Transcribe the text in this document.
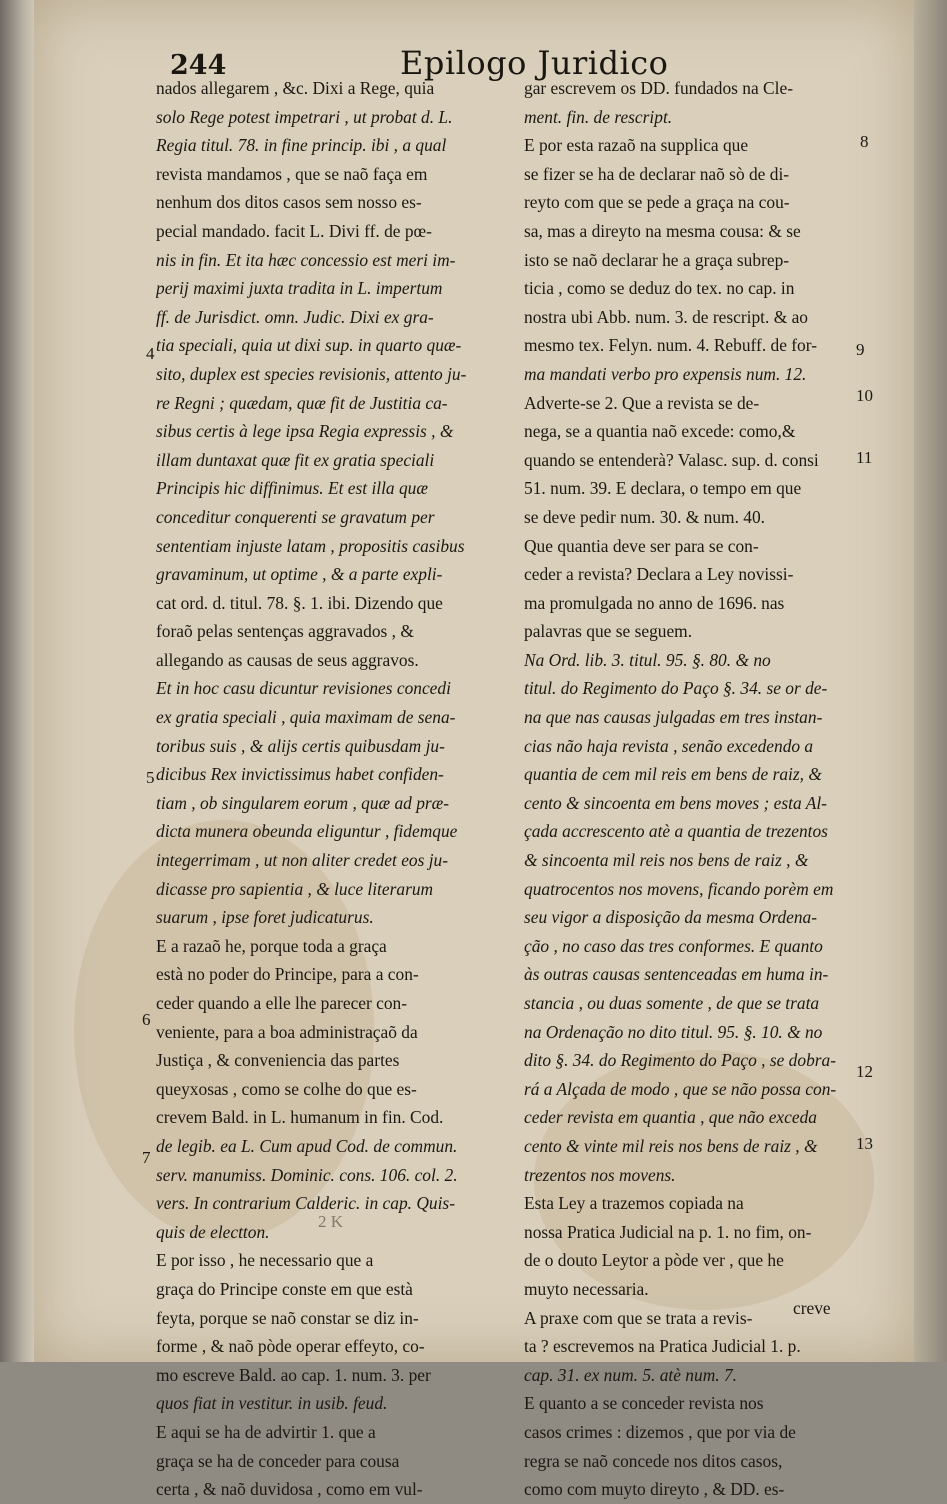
244	Epilogo Juridico
nados allegarem , &c. Dixi a Rege, quia
solo Rege potest impetrari , ut probat d. L.
Regia titul. 78. in fine princip. ibi , a qual
revista mandamos , que se naõ faça em
nenhum dos ditos casos sem nosso es-
pecial mandado. facit L. Divi ff. de pœ-
nis in fin. Et ita hæc concessio est meri im-
perij maximi juxta tradita in L. impertum
ff. de Jurisdict. omn. Judic. Dixi ex gra-
tia speciali, quia ut dixi sup. in quarto quæ-
sito, duplex est species revisionis, attento ju-
re Regni ; quædam, quæ fit de Justitia ca-
sibus certis à lege ipsa Regia expressis , &
illam duntaxat quæ fit ex gratia speciali
Principis hic diffinimus. Et est illa quæ
conceditur conquerenti se gravatum per
sententiam injuste latam , propositis casibus
gravaminum, ut optime , & a parte expli-
cat ord. d. titul. 78. §. 1. ibi. Dizendo que
foraõ pelas sentenças aggravados , &
allegando as causas de seus aggravos.
Et in hoc casu dicuntur revisiones concedi
ex gratia speciali , quia maximam de sena-
toribus suis , & alijs certis quibusdam ju-
dicibus Rex invictissimus habet confiden-
tiam , ob singularem eorum , quæ ad præ-
dicta munera obeunda eliguntur , fidemque
integerrimam , ut non aliter credet eos ju-
dicasse pro sapientia , & luce literarum
suarum , ipse foret judicaturus.
E a razaõ he, porque toda a graça
està no poder do Principe, para a con-
ceder quando a elle lhe parecer con-
veniente, para a boa administraçaõ da
Justiça , & conveniencia das partes
queyxosas , como se colhe do que es-
crevem Bald. in L. humanum in fin. Cod.
de legib. ea L. Cum apud Cod. de commun.
serv. manumiss. Dominic. cons. 106. col. 2.
vers. In contrarium Calderic. in cap. Quis-
quis de electton.
E por isso , he necessario que a
graça do Principe conste em que està
feyta, porque se naõ constar se diz in-
forme , & naõ pòde operar effeyto, co-
mo escreve Bald. ao cap. 1. num. 3. per
quos fiat in vestitur. in usib. feud.
E aqui se ha de advirtir 1. que a
graça se ha de conceder para cousa
certa , & naõ duvidosa , como em vul-
gar escrevem os DD. fundados na Cle-
ment. fin. de rescript.
E por esta razaõ na supplica que
se fizer se ha de declarar naõ sò de di-
reyto com que se pede a graça na cou-
sa, mas a direyto na mesma cousa: & se
isto se naõ declarar he a graça subrep-
ticia , como se deduz do tex. no cap. in
nostra ubi Abb. num. 3. de rescript. & ao
mesmo tex. Felyn. num. 4. Rebuff. de for-
ma mandati verbo pro expensis num. 12.
Adverte-se 2. Que a revista se de-
nega, se a quantia naõ excede: como,&
quando se entenderà? Valasc. sup. d. consi
51. num. 39. E declara, o tempo em que
se deve pedir num. 30. & num. 40.
Que quantia deve ser para se con-
ceder a revista? Declara a Ley novissi-
ma promulgada no anno de 1696. nas
palavras que se seguem.
Na Ord. lib. 3. titul. 95. §. 80. & no
titul. do Regimento do Paço §. 34. se or de-
na que nas causas julgadas em tres instan-
cias não haja revista , senão excedendo a
quantia de cem mil reis em bens de raiz, &
cento & sincoenta em bens moves ; esta Al-
çada accrescento atè a quantia de trezentos
& sincoenta mil reis nos bens de raiz , &
quatrocentos nos movens, ficando porèm em
seu vigor a disposição da mesma Ordena-
ção , no caso das tres conformes. E quanto
às outras causas sentenceadas em huma in-
stancia , ou duas somente , de que se trata
na Ordenação no dito titul. 95. §. 10. & no
dito §. 34. do Regimento do Paço , se dobra-
rá a Alçada de modo , que se não possa con-
ceder revista em quantia , que não exceda
cento & vinte mil reis nos bens de raiz , &
trezentos nos movens.
Esta Ley a trazemos copiada na
nossa Pratica Judicial na p. 1. no fim, on-
de o douto Leytor a pòde ver , que he
muyto necessaria.
A praxe com que se trata a revis-
ta ? escrevemos na Pratica Judicial 1. p.
cap. 31. ex num. 5. atè num. 7.
E quanto a se conceder revista nos
casos crimes : dizemos , que por via de
regra se naõ concede nos ditos casos,
como com muyto direyto , & DD. es-
4
5
6
7
8
9
10
11
12
13
2 K
creve
